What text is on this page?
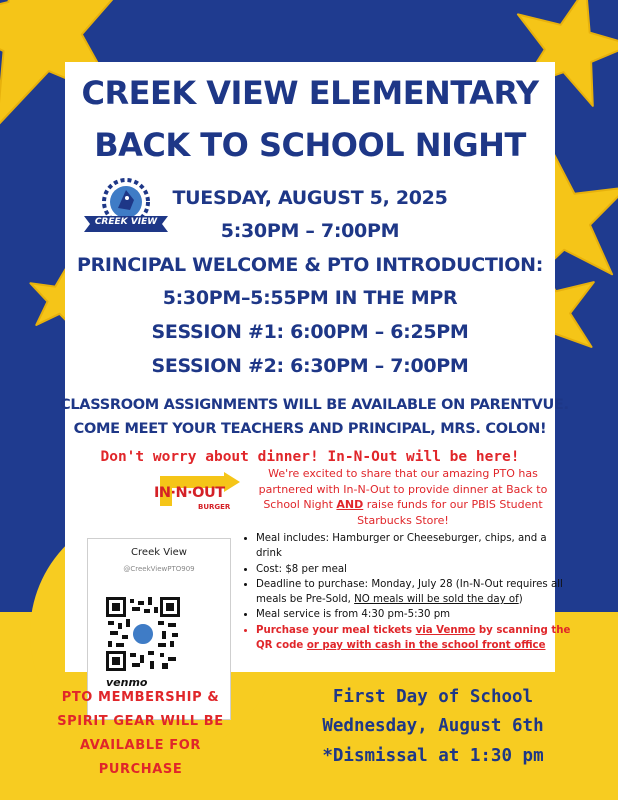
CREEK VIEW ELEMENTARY
BACK TO SCHOOL NIGHT
CREEK VIEW
TUESDAY, AUGUST 5, 2025
5:30PM – 7:00PM
PRINCIPAL WELCOME & PTO INTRODUCTION:
5:30PM–5:55PM IN THE MPR
SESSION #1: 6:00PM – 6:25PM
SESSION #2: 6:30PM – 7:00PM
CLASSROOM ASSIGNMENTS WILL BE AVAILABLE ON PARENTVUE.
COME MEET YOUR TEACHERS AND PRINCIPAL, MRS. COLON!
Don't worry about dinner! In-N-Out will be here!
IN·N·OUT
BURGER
We're excited to share that our amazing PTO has partnered with In-N-Out to provide dinner at Back to School Night AND raise funds for our PBIS Student Starbucks Store!
• Meal includes: Hamburger or Cheeseburger, chips, and a drink
• Cost: $8 per meal
• Deadline to purchase: Monday, July 28 (In-N-Out requires all meals be Pre-Sold, NO meals will be sold the day of)
• Meal service is from 4:30 pm-5:30 pm
• Purchase your meal tickets via Venmo by scanning the QR code or pay with cash in the school front office
Creek View
@CreekViewPTO909
venmo
PTO MEMBERSHIP &
SPIRIT GEAR WILL BE
AVAILABLE FOR
PURCHASE
First Day of School
Wednesday, August 6th
*Dismissal at 1:30 pm
